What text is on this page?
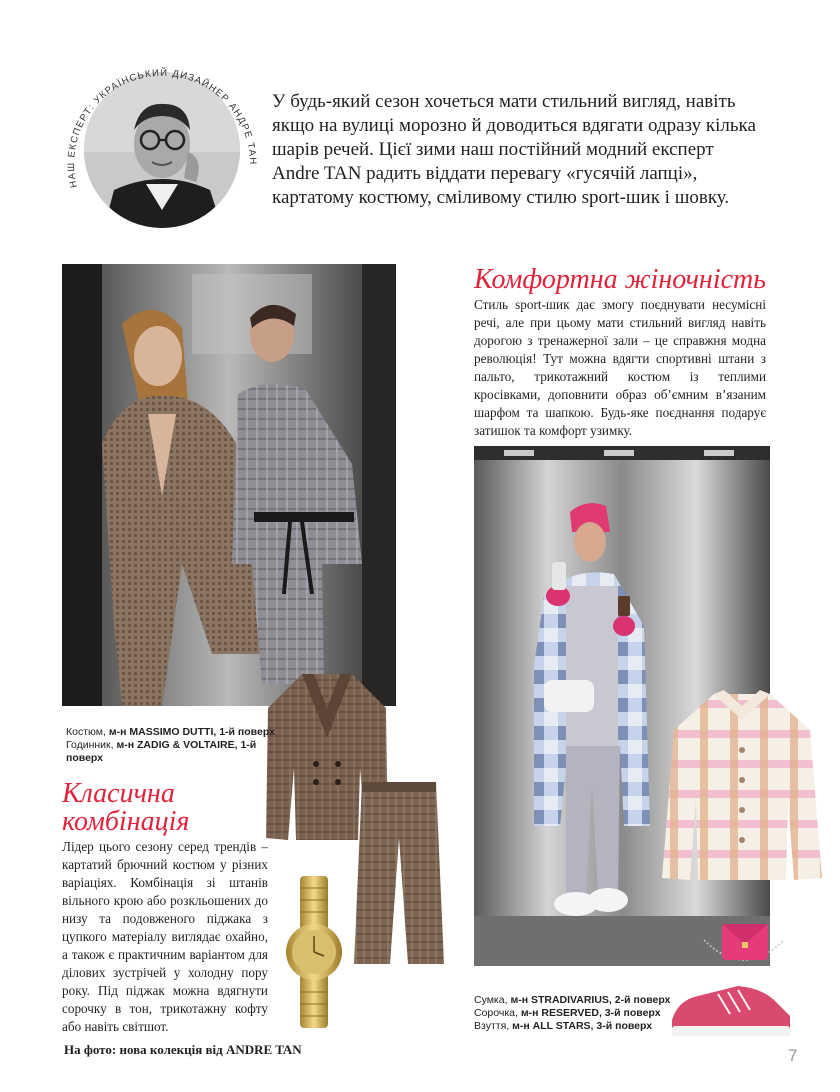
НАШ ЕКСПЕРТ: УКРАЇНСЬКИЙ ДИЗАЙНЕР АНДРЕ ТАН

У будь-який сезон хочеться мати стильний вигляд, навіть якщо на вулиці морозно й доводиться вдягати одразу кілька шарів речей. Цієї зими наш постійний модний експерт Andre TAN радить віддати перевагу «гусячій лапці», картатому костюму, сміливому стилю sport-шик і шовку.

Костюм, м-н MASSIMO DUTTI, 1-й поверх
Годинник, м-н ZADIG & VOLTAIRE, 1-й поверх
Класична
комбінація

Лідер цього сезону серед трендів – картатий брючний костюм у різних варіаціях. Комбінація зі штанів вільного крою або розкльошених до низу та подовженого піджака з цупкого матеріалу виглядає охайно, а також є практичним варіантом для ділових зустрічей у холодну пору року. Під піджак можна вдягнути сорочку в тон, трикотажну кофту або навіть світшот.

Комфортна жіночність

Стиль sport-шик дає змогу поєднувати несумісні речі, але при цьому мати стильний вигляд навіть дорогою з тренажерної зали – це справжня модна революція! Тут можна вдягти спортивні штани з пальто, трикотажний костюм із теплими кросівками, доповнити образ об’ємним в’язаним шарфом та шапкою. Будь-яке поєднання подарує затишок та комфорт узимку.

Сумка, м-н STRADIVARIUS, 2-й поверх
Сорочка, м-н RESERVED, 3-й поверх
Взуття, м-н ALL STARS, 3-й поверх
На фото: нова колекція від ANDRE TAN	7
